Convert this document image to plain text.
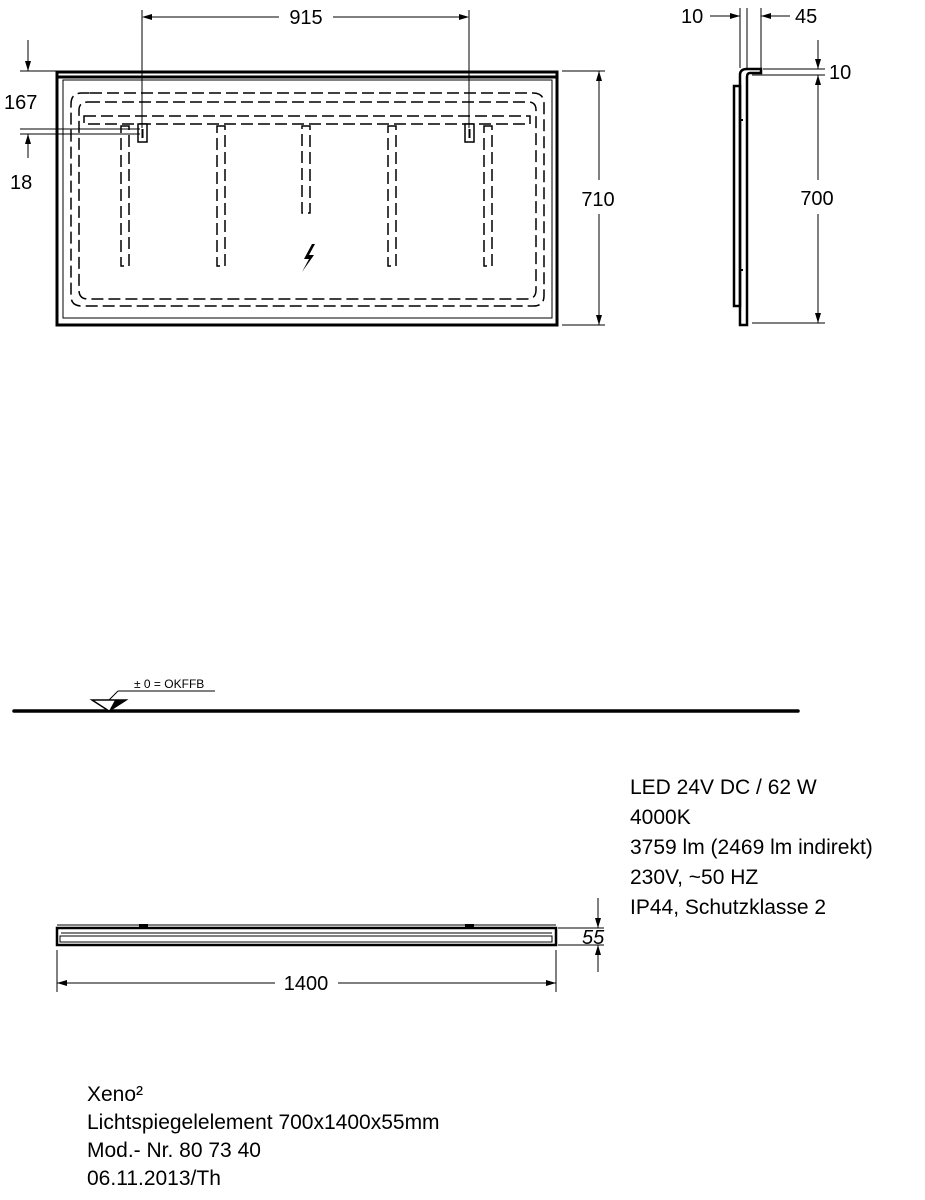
915
710
167
18
10	45
10
700
± 0 = OKFFB
55
1400
LED 24V DC / 62 W
4000K
3759 lm (2469 lm indirekt)
230V, ~50 HZ
IP44, Schutzklasse 2
Xeno²
Lichtspiegelelement 700x1400x55mm
Mod.- Nr. 80 73 40
06.11.2013/Th
